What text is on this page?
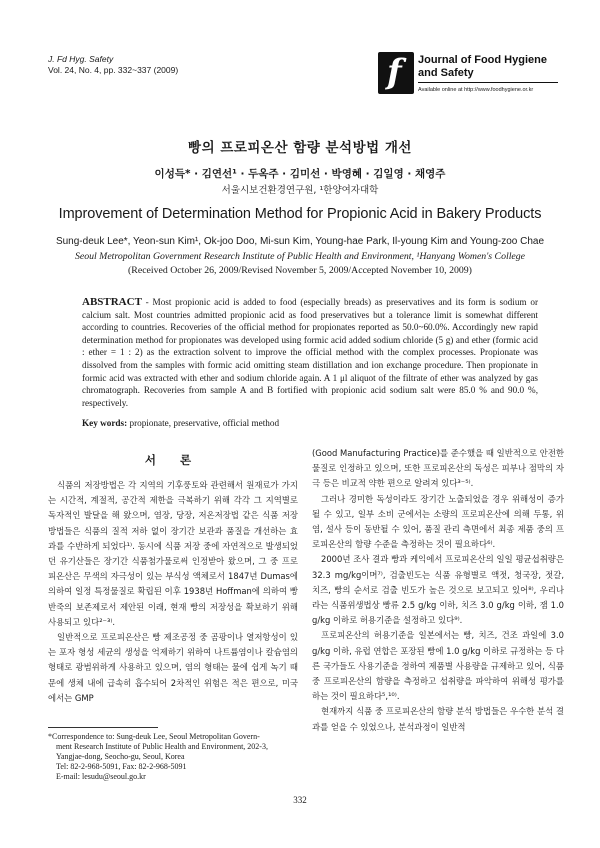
J. Fd Hyg. Safety
Vol. 24, No. 4, pp. 332~337 (2009)	f Journal of Food Hygiene
and Safety
Available online at http://www.foodhygiene.or.kr
빵의 프로피온산 함량 분석방법 개선
이성득* · 김연선¹ · 두옥주 · 김미선 · 박영혜 · 김일영 · 채영주
서울시보건환경연구원, ¹한양여자대학
Improvement of Determination Method for Propionic Acid in Bakery Products
Sung-deuk Lee*, Yeon-sun Kim¹, Ok-joo Doo, Mi-sun Kim, Young-hae Park, Il-young Kim and Young-zoo Chae
Seoul Metropolitan Government Research Institute of Public Health and Environment, ¹Hanyang Women's College
(Received October 26, 2009/Revised November 5, 2009/Accepted November 10, 2009)
ABSTRACT - Most propionic acid is added to food (especially breads) as preservatives and its form is sodium or calcium salt. Most countries admitted propionic acid as food preservatives but a tolerance limit is somewhat different according to countries. Recoveries of the official method for propionates reported as 50.0~60.0%. Accordingly new rapid determination method for propionates was developed using formic acid added sodium chloride (5 g) and ether (formic acid : ether = 1 : 2) as the extraction solvent to improve the official method with the complex processes. Propionate was dissolved from the samples with formic acid omitting steam distillation and ion exchange procedure. Then propionate in formic acid was extracted with ether and sodium chloride again. A 1 μl aliquot of the filtrate of ether was analyzed by gas chromatograph. Recoveries from sample A and B fortified with propionic acid sodium salt were 85.0 % and 90.0 %, respectively.
Key words: propionate, preservative, official method
서 론

식품의 저장방법은 각 지역의 기후풍토와 관련해서 원재료가 가지는 시간적, 계절적, 공간적 제한을 극복하기 위해 각각 그 지역별로 독자적인 발달을 해 왔으며, 염장, 당장, 저온저장법 같은 식품 저장 방법들은 식품의 질적 저하 없이 장기간 보관과 품질을 개선하는 효과를 수반하게 되었다¹⁾. 동시에 식품 저장 중에 자연적으로 발생되었던 유기산들은 장기간 식품첨가물로써 인정받아 왔으며, 그 중 프로피온산은 무색의 자극성이 있는 부식성 액체로서 1847년 Dumas에 의하여 일정 특정물질로 확립된 이후 1938년 Hoffman에 의하여 빵 반죽의 보존제로서 제안된 이래, 현재 빵의 저장성을 확보하기 위해 사용되고 있다²⁻³⁾.

일반적으로 프로피온산은 빵 제조공정 중 곰팡이나 열저항성이 있는 포자 형성 세균의 생성을 억제하기 위하여 나트륨염이나 칼슘염의 형태로 광범위하게 사용하고 있으며, 염의 형태는 물에 쉽게 녹기 때문에 생체 내에 급속히 흡수되어 2차적인 위험은 적은 편으로, 미국에서는 GMP

(Good Manufacturing Practice)를 준수했을 때 일반적으로 안전한 물질로 인정하고 있으며, 또한 프로피온산의 독성은 피부나 점막의 자극 등은 비교적 약한 편으로 알려져 있다³⁻⁵⁾.

그러나 경미한 독성이라도 장기간 노출되었을 경우 위해성이 증가될 수 있고, 일부 소비 군에서는 소량의 프로피온산에 의해 두통, 위염, 설사 등이 동반될 수 있어, 품질 관리 측면에서 최종 제품 중의 프로피온산의 함량 수준을 측정하는 것이 필요하다⁶⁾.

2000년 조사 결과 빵과 케익에서 프로피온산의 일일 평균섭취량은 32.3 mg/kg이며⁷⁾, 검출빈도는 식품 유형별로 액젓, 청국장, 젓갈, 치즈, 빵의 순서로 검출 빈도가 높은 것으로 보고되고 있어⁸⁾, 우리나라는 식품위생법상 빵류 2.5 g/kg 이하, 치즈 3.0 g/kg 이하, 잼 1.0 g/kg 이하로 허용기준을 설정하고 있다⁹⁾.

프로피온산의 허용기준을 일본에서는 빵, 치즈, 건조 과일에 3.0 g/kg 이하, 유럽 연합은 포장된 빵에 1.0 g/kg 이하로 규정하는 등 다른 국가들도 사용기준을 정하여 제품별 사용량을 규제하고 있어, 식품 중 프로피온산의 함량을 측정하고 섭취량을 파악하여 위해성 평가를 하는 것이 필요하다⁵,¹⁰⁾.

현재까지 식품 중 프로피온산의 함량 분석 방법들은 우수한 분석 결과를 얻을 수 있었으나, 분석과정이 일반적

*Correspondence to: Sung-deuk Lee, Seoul Metropolitan Govern-
ment Research Institute of Public Health and Environment, 202-3,
Yangjae-dong, Seocho-gu, Seoul, Korea
Tel: 82-2-968-5091, Fax: 82-2-968-5091
E-mail: lesudu@seoul.go.kr
332
